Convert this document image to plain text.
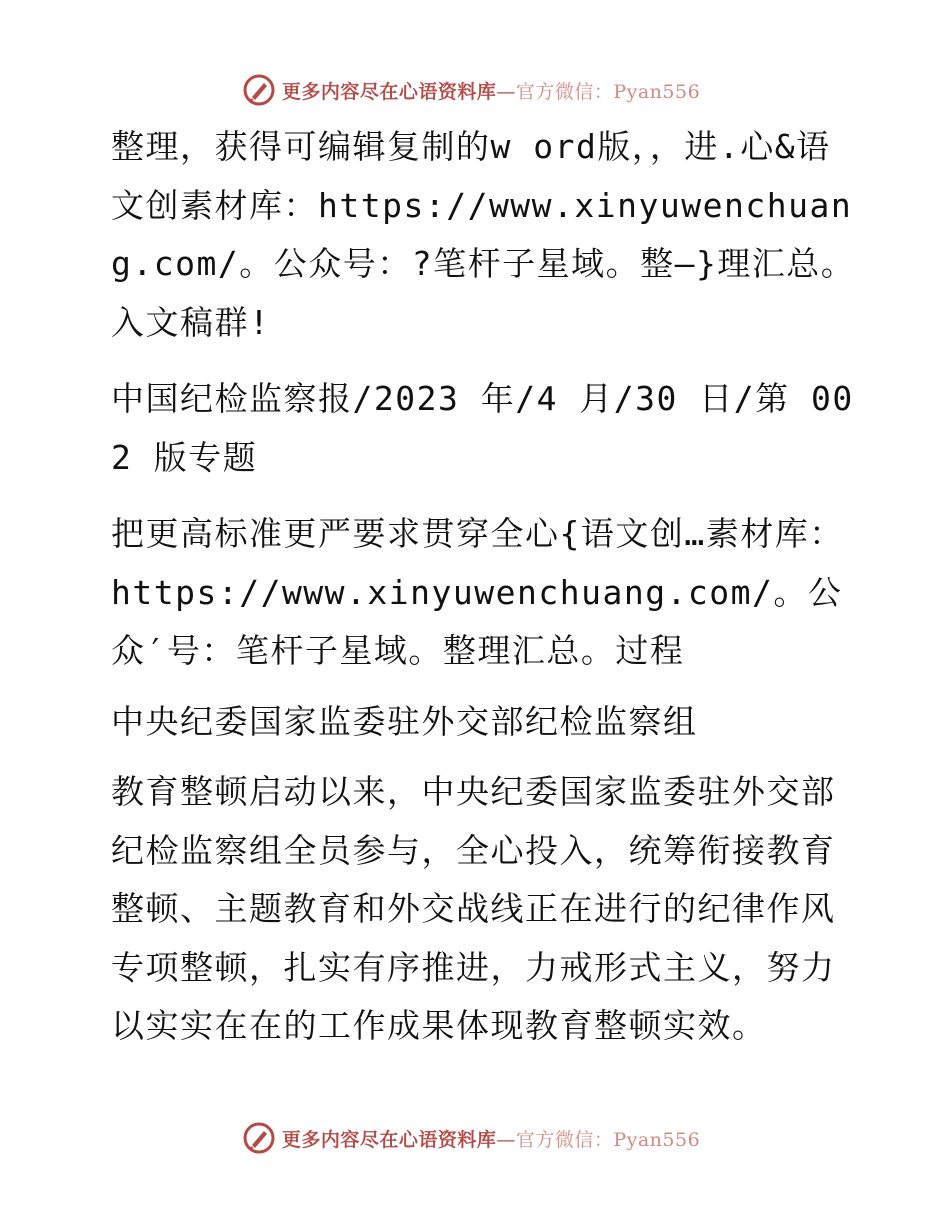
更多内容尽在心语资料库—官方微信：Pyan556

整理，获得可编辑复制的w ord版，，进.心&语文创素材库：https://www.xinyuwenchuang.com/。公众号：?笔杆子星域。整—}理汇总。入文稿群!

中国纪检监察报/2023 年/4 月/30 日/第 002 版专题

把更高标准更严要求贯穿全心{语文创…素材库：https://www.xinyuwenchuang.com/。公众′号：笔杆子星域。整理汇总。过程

中央纪委国家监委驻外交部纪检监察组

教育整顿启动以来，中央纪委国家监委驻外交部纪检监察组全员参与，全心投入，统筹衔接教育整顿、主题教育和外交战线正在进行的纪律作风专项整顿，扎实有序推进，力戒形式主义，努力以实实在在的工作成果体现教育整顿实效。

更多内容尽在心语资料库—官方微信：Pyan556
